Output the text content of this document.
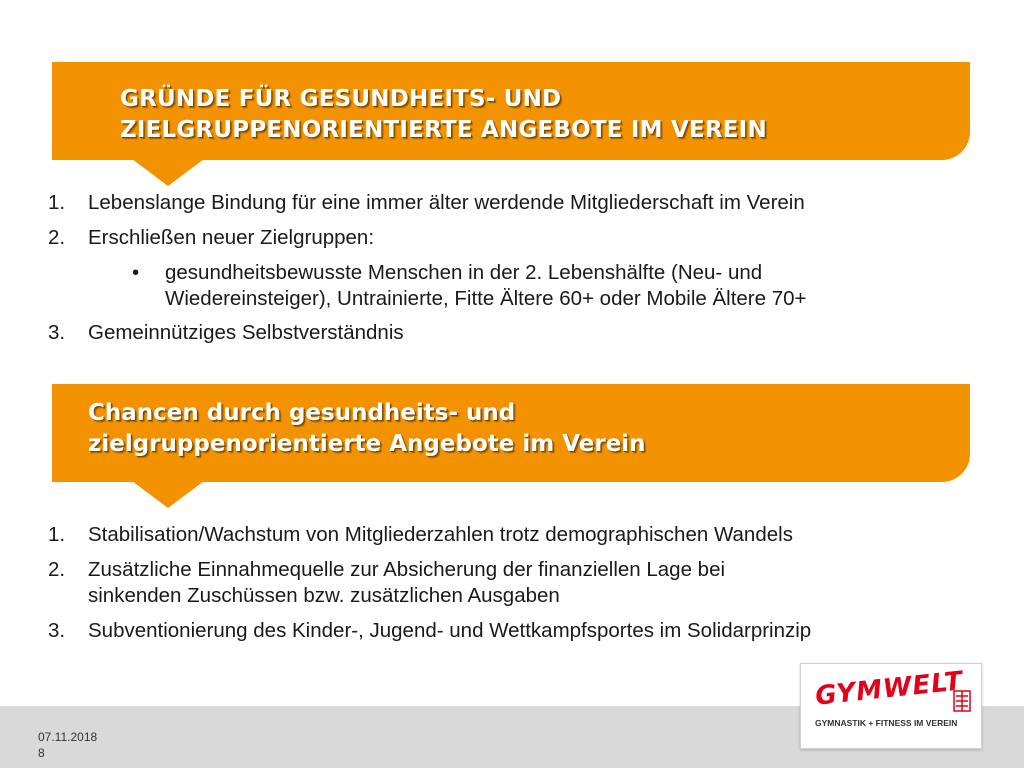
GRÜNDE FÜR GESUNDHEITS- UND
ZIELGRUPPENORIENTIERTE ANGEBOTE IM VEREIN
1. Lebenslange Bindung für eine immer älter werdende Mitgliederschaft im Verein
2. Erschließen neuer Zielgruppen:
• gesundheitsbewusste Menschen in der 2. Lebenshälfte (Neu- und
Wiedereinsteiger), Untrainierte, Fitte Ältere 60+ oder Mobile Ältere 70+
3. Gemeinnütziges Selbstverständnis
Chancen durch gesundheits- und
zielgruppenorientierte Angebote im Verein
1. Stabilisation/Wachstum von Mitgliederzahlen trotz demographischen Wandels
2. Zusätzliche Einnahmequelle zur Absicherung der finanziellen Lage bei
sinkenden Zuschüssen bzw. zusätzlichen Ausgaben
3. Subventionierung des Kinder-, Jugend- und Wettkampfsportes im Solidarprinzip
07.11.2018
8
GYMWELT
GYMNASTIK + FITNESS IM VEREIN
